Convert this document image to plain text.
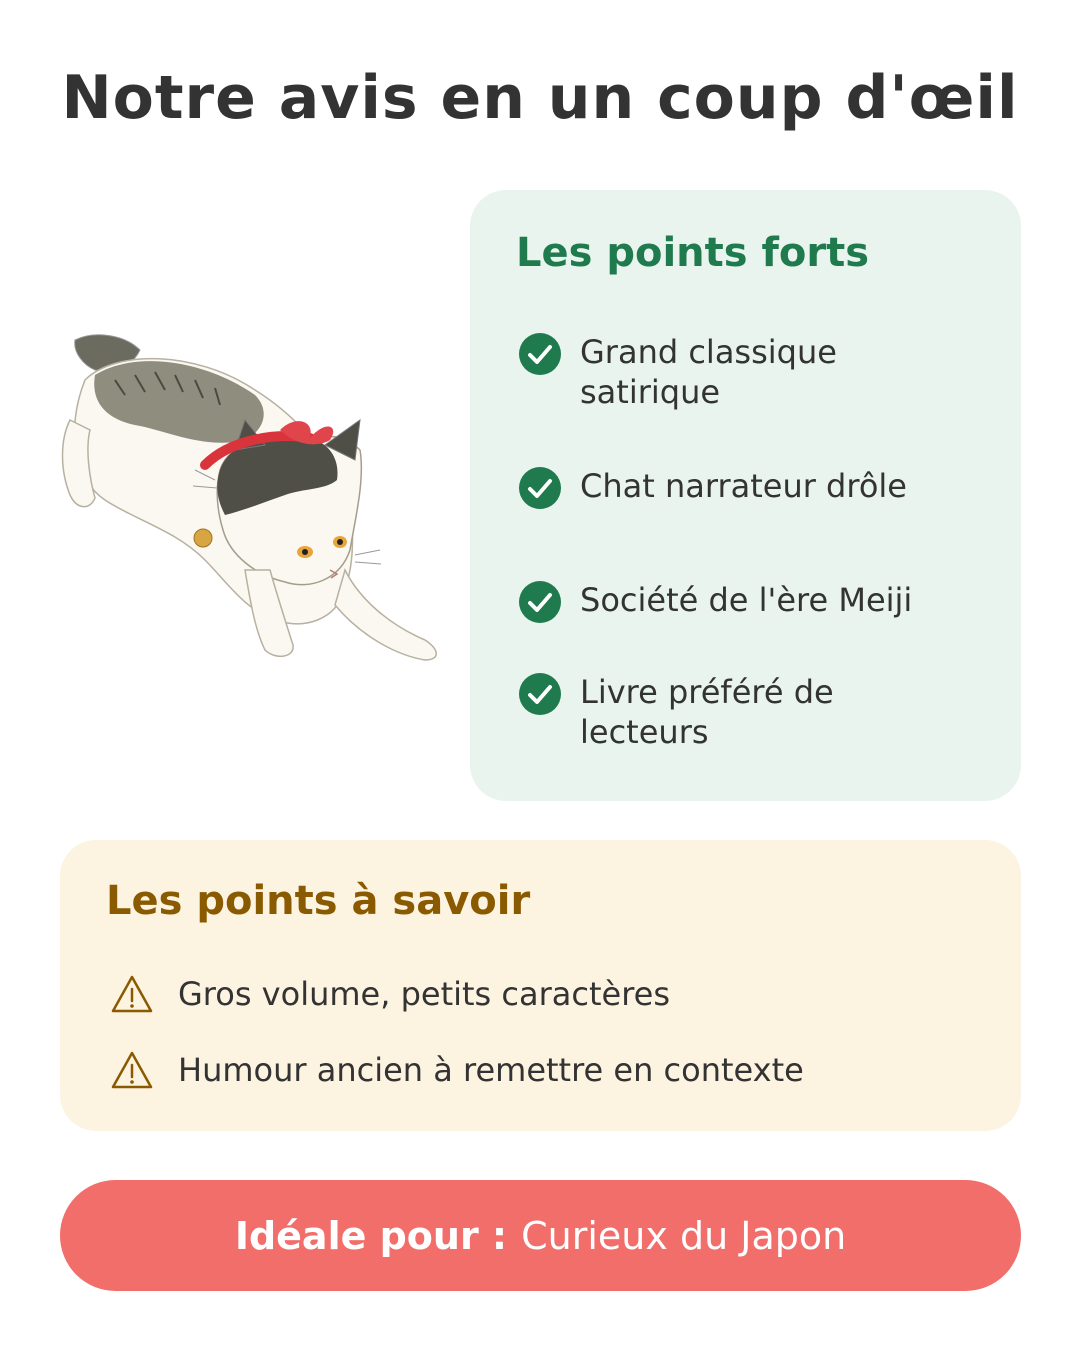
Notre avis en un coup d'œil
Les points forts
Grand classique
satirique
Chat narrateur drôle
Société de l'ère Meiji
Livre préféré de
lecteurs
Les points à savoir
Gros volume, petits caractères
Humour ancien à remettre en contexte
Idéale pour : Curieux du Japon
